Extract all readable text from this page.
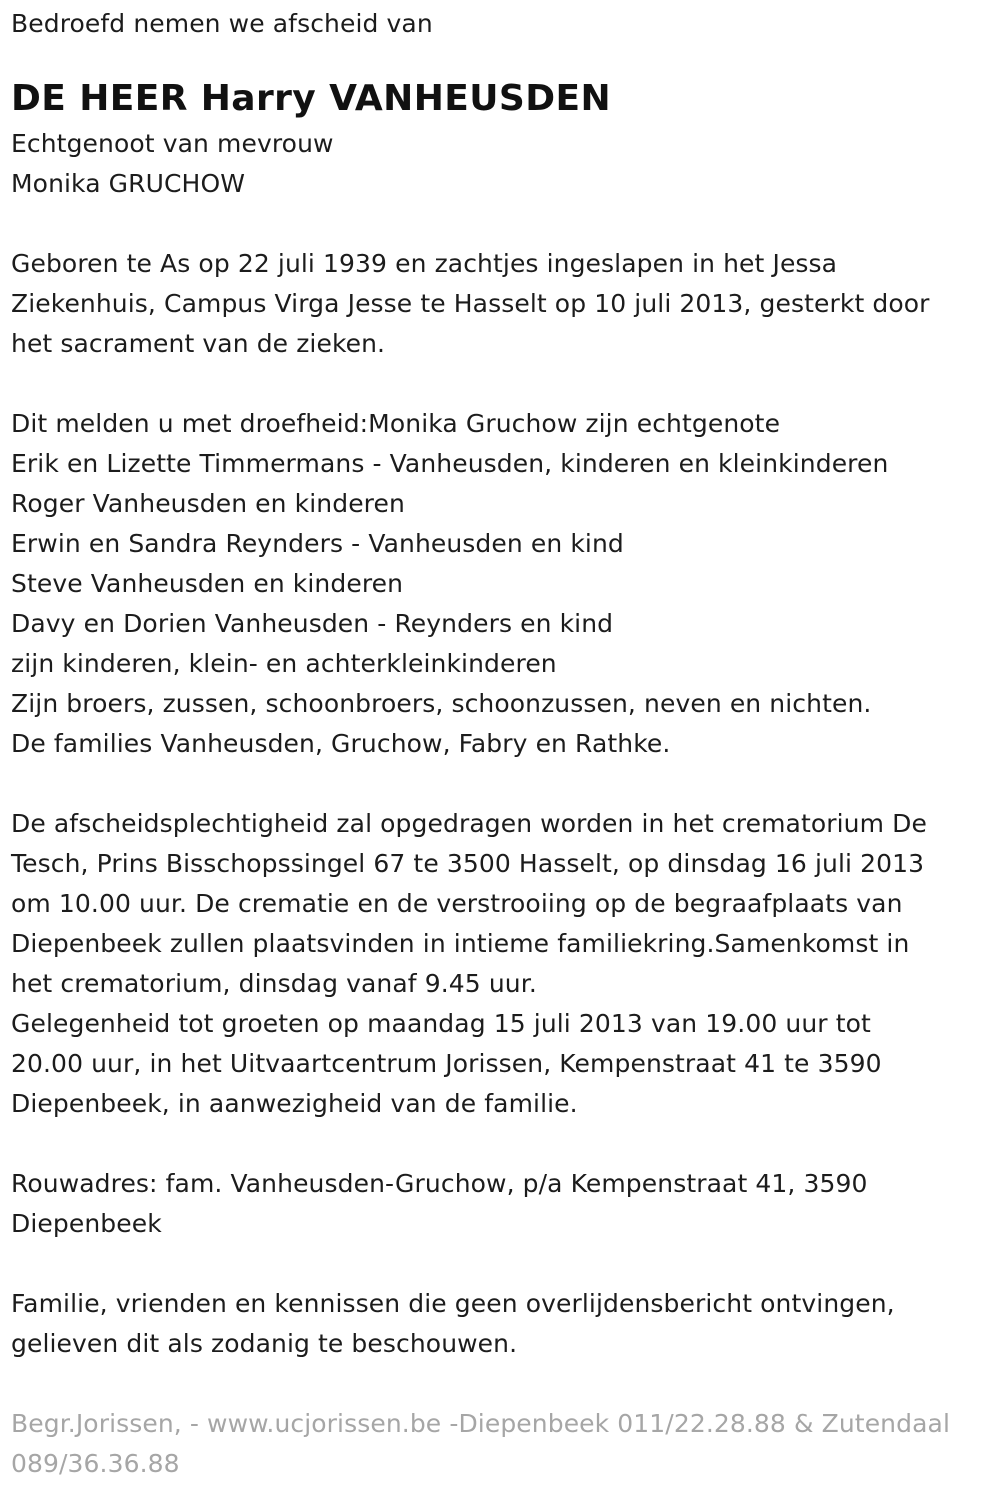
Bedroefd nemen we afscheid van
DE HEER Harry VANHEUSDEN
Echtgenoot van mevrouw
Monika GRUCHOW
Geboren te As op 22 juli 1939 en zachtjes ingeslapen in het Jessa
Ziekenhuis, Campus Virga Jesse te Hasselt op 10 juli 2013, gesterkt door
het sacrament van de zieken.
Dit melden u met droefheid:Monika Gruchow zijn echtgenote
Erik en Lizette Timmermans - Vanheusden, kinderen en kleinkinderen
Roger Vanheusden en kinderen
Erwin en Sandra Reynders - Vanheusden en kind
Steve Vanheusden en kinderen
Davy en Dorien Vanheusden - Reynders en kind
zijn kinderen, klein- en achterkleinkinderen
Zijn broers, zussen, schoonbroers, schoonzussen, neven en nichten.
De families Vanheusden, Gruchow, Fabry en Rathke.
De afscheidsplechtigheid zal opgedragen worden in het crematorium De
Tesch, Prins Bisschopssingel 67 te 3500 Hasselt, op dinsdag 16 juli 2013
om 10.00 uur. De crematie en de verstrooiing op de begraafplaats van
Diepenbeek zullen plaatsvinden in intieme familiekring.Samenkomst in
het crematorium, dinsdag vanaf 9.45 uur.
Gelegenheid tot groeten op maandag 15 juli 2013 van 19.00 uur tot
20.00 uur, in het Uitvaartcentrum Jorissen, Kempenstraat 41 te 3590
Diepenbeek, in aanwezigheid van de familie.
Rouwadres: fam. Vanheusden-Gruchow, p/a Kempenstraat 41, 3590
Diepenbeek
Familie, vrienden en kennissen die geen overlijdensbericht ontvingen,
gelieven dit als zodanig te beschouwen.
Begr.Jorissen, - www.ucjorissen.be -Diepenbeek 011/22.28.88 & Zutendaal
089/36.36.88
